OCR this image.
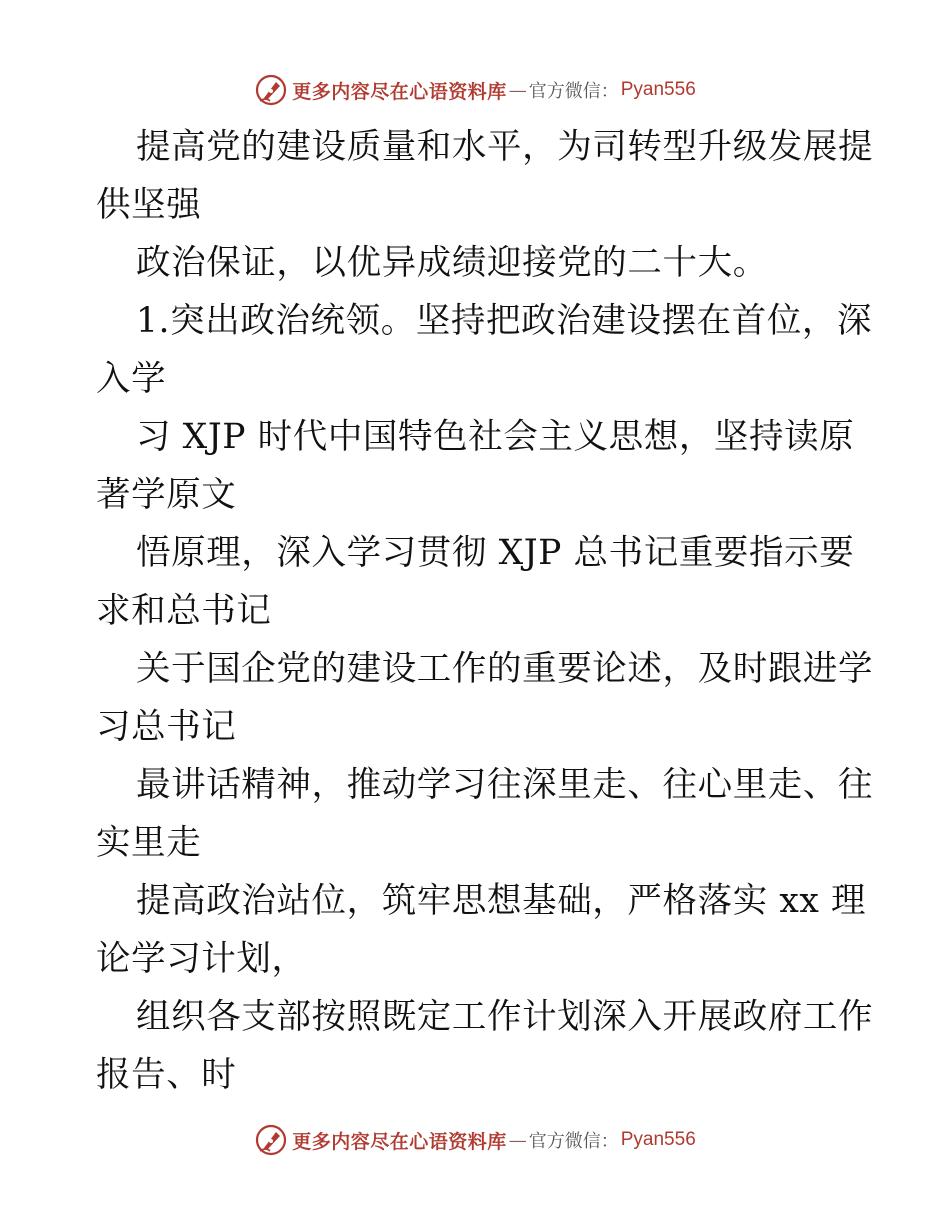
更多内容尽在心语资料库 — 官方微信： Pyan556
提高党的建设质量和水平，为司转型升级发展提
供坚强
政治保证，以优异成绩迎接党的二十大。
1.突出政治统领。坚持把政治建设摆在首位，深
入学
习 XJP 时代中国特色社会主义思想，坚持读原
著学原文
悟原理，深入学习贯彻 XJP 总书记重要指示要
求和总书记
关于国企党的建设工作的重要论述，及时跟进学
习总书记
最讲话精神，推动学习往深里走、往心里走、往
实里走
提高政治站位，筑牢思想基础，严格落实 xx 理
论学习计划，
组织各支部按照既定工作计划深入开展政府工作
报告、时
更多内容尽在心语资料库 — 官方微信： Pyan556
